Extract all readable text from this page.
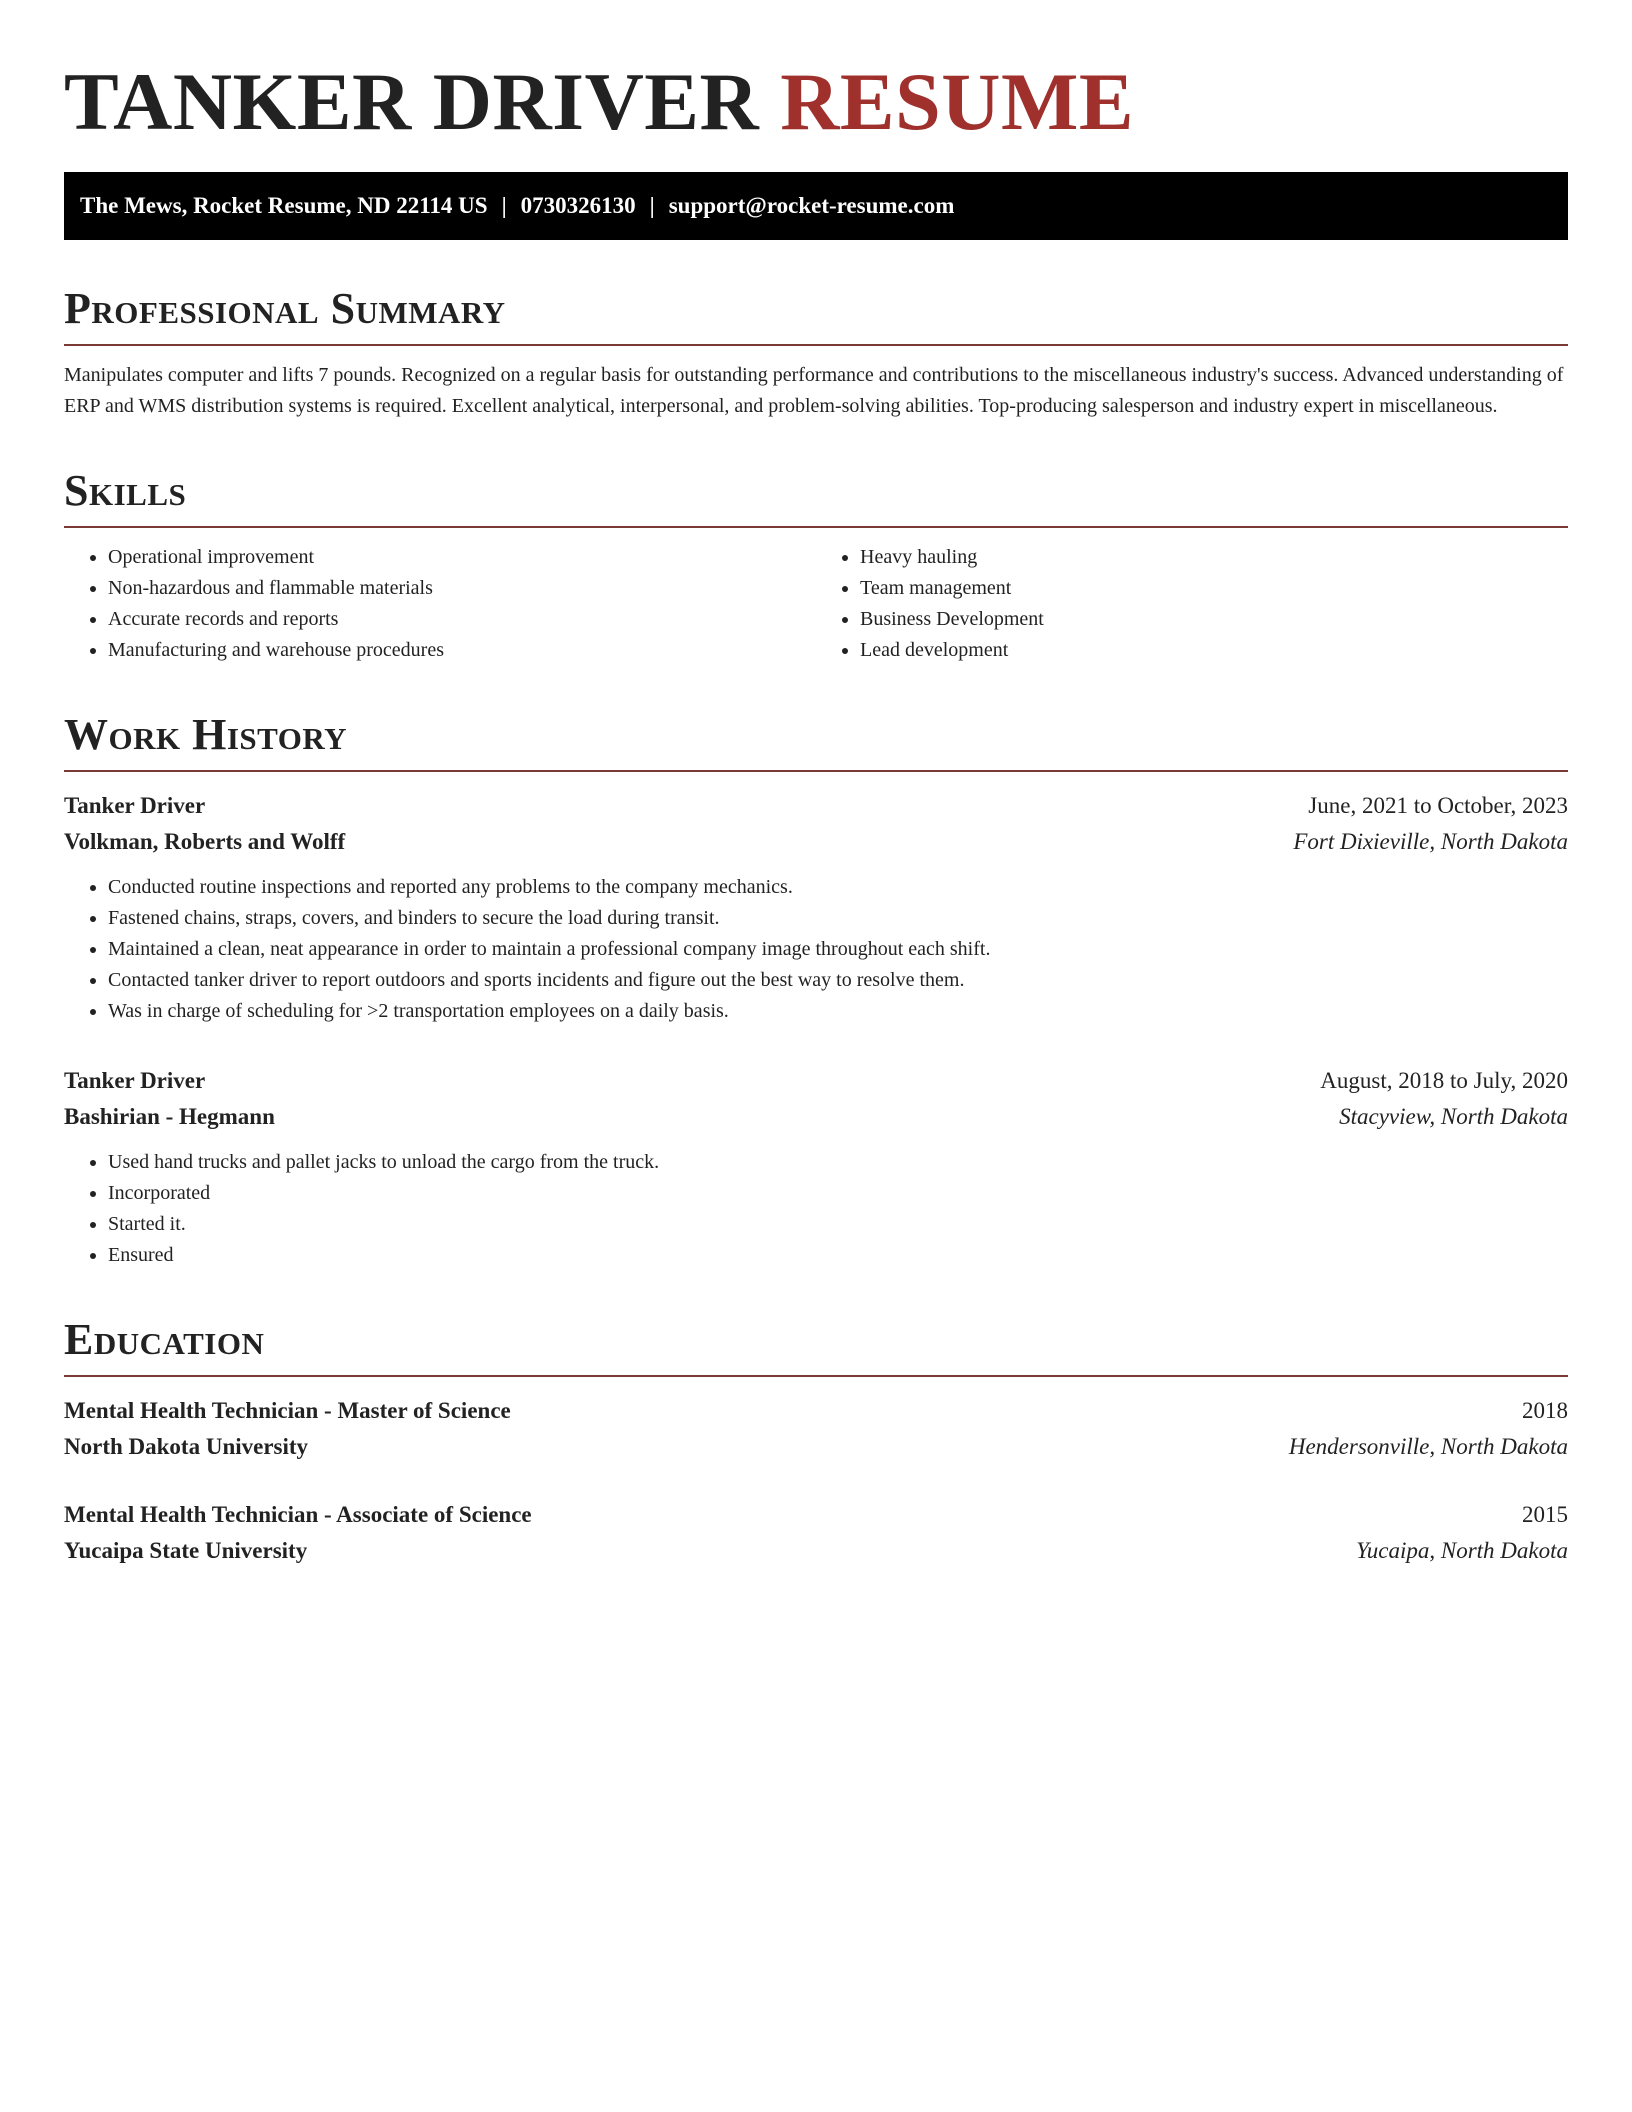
TANKER DRIVER RESUME
The Mews, Rocket Resume, ND 22114 US | 0730326130 | support@rocket-resume.com
Professional Summary

Manipulates computer and lifts 7 pounds. Recognized on a regular basis for outstanding performance and contributions to the miscellaneous industry's success. Advanced understanding of ERP and WMS distribution systems is required. Excellent analytical, interpersonal, and problem-solving abilities. Top-producing salesperson and industry expert in miscellaneous.

Skills
• Operational improvement
• Non-hazardous and flammable materials
• Accurate records and reports
• Manufacturing and warehouse procedures
• Heavy hauling
• Team management
• Business Development
• Lead development
Work History
Tanker Driver	June, 2021 to October, 2023
Volkman, Roberts and Wolff	Fort Dixieville, North Dakota
• Conducted routine inspections and reported any problems to the company mechanics.
• Fastened chains, straps, covers, and binders to secure the load during transit.
• Maintained a clean, neat appearance in order to maintain a professional company image throughout each shift.
• Contacted tanker driver to report outdoors and sports incidents and figure out the best way to resolve them.
• Was in charge of scheduling for >2 transportation employees on a daily basis.
Tanker Driver	August, 2018 to July, 2020
Bashirian - Hegmann	Stacyview, North Dakota
• Used hand trucks and pallet jacks to unload the cargo from the truck.
• Incorporated
• Started it.
• Ensured
Education
Mental Health Technician - Master of Science	2018
North Dakota University	Hendersonville, North Dakota
Mental Health Technician - Associate of Science	2015
Yucaipa State University	Yucaipa, North Dakota
